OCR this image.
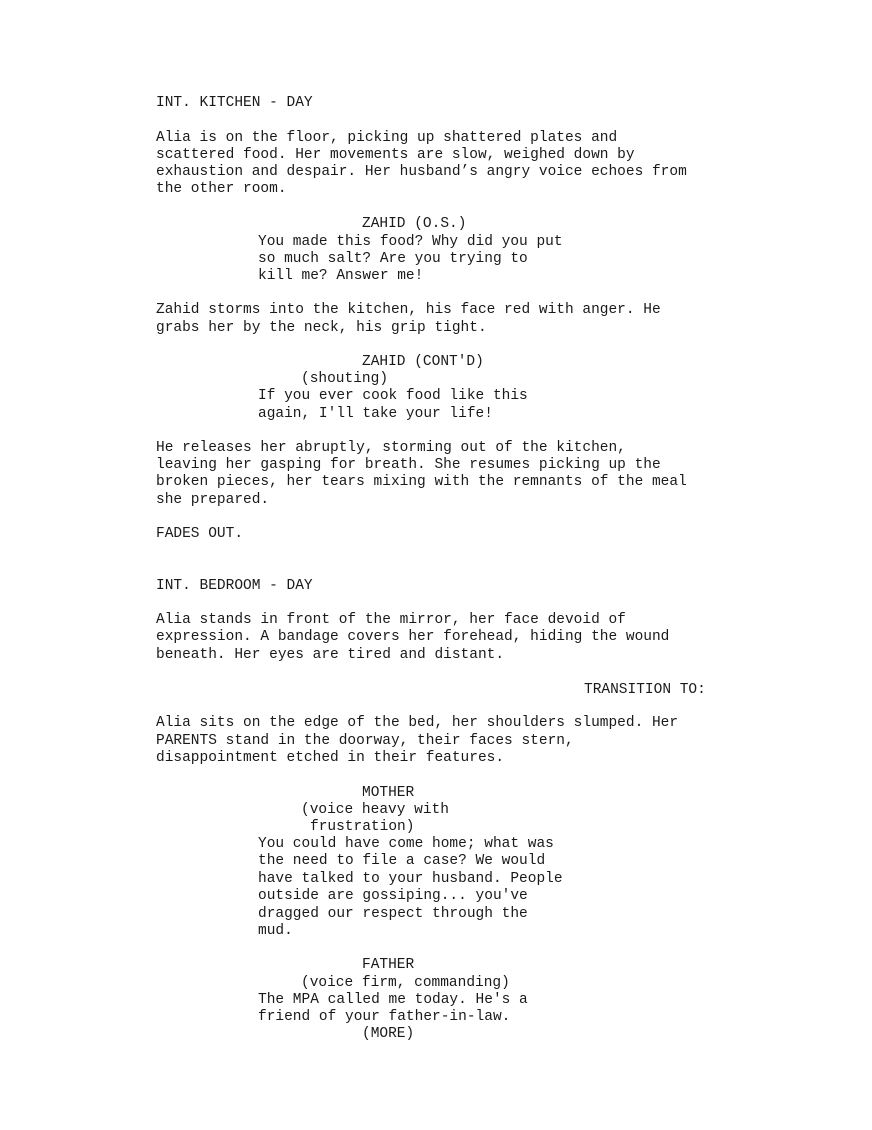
INT. KITCHEN - DAY
Alia is on the floor, picking up shattered plates and
scattered food. Her movements are slow, weighed down by
exhaustion and despair. Her husband’s angry voice echoes from
the other room.
ZAHID (O.S.)
You made this food? Why did you put
so much salt? Are you trying to
kill me? Answer me!
Zahid storms into the kitchen, his face red with anger. He
grabs her by the neck, his grip tight.
ZAHID (CONT'D)
(shouting)
If you ever cook food like this
again, I'll take your life!
He releases her abruptly, storming out of the kitchen,
leaving her gasping for breath. She resumes picking up the
broken pieces, her tears mixing with the remnants of the meal
she prepared.
FADES OUT.
INT. BEDROOM - DAY
Alia stands in front of the mirror, her face devoid of
expression. A bandage covers her forehead, hiding the wound
beneath. Her eyes are tired and distant.
TRANSITION TO:
Alia sits on the edge of the bed, her shoulders slumped. Her
PARENTS stand in the doorway, their faces stern,
disappointment etched in their features.
MOTHER
(voice heavy with
frustration)
You could have come home; what was
the need to file a case? We would
have talked to your husband. People
outside are gossiping... you've
dragged our respect through the
mud.
FATHER
(voice firm, commanding)
The MPA called me today. He's a
friend of your father-in-law.
(MORE)
